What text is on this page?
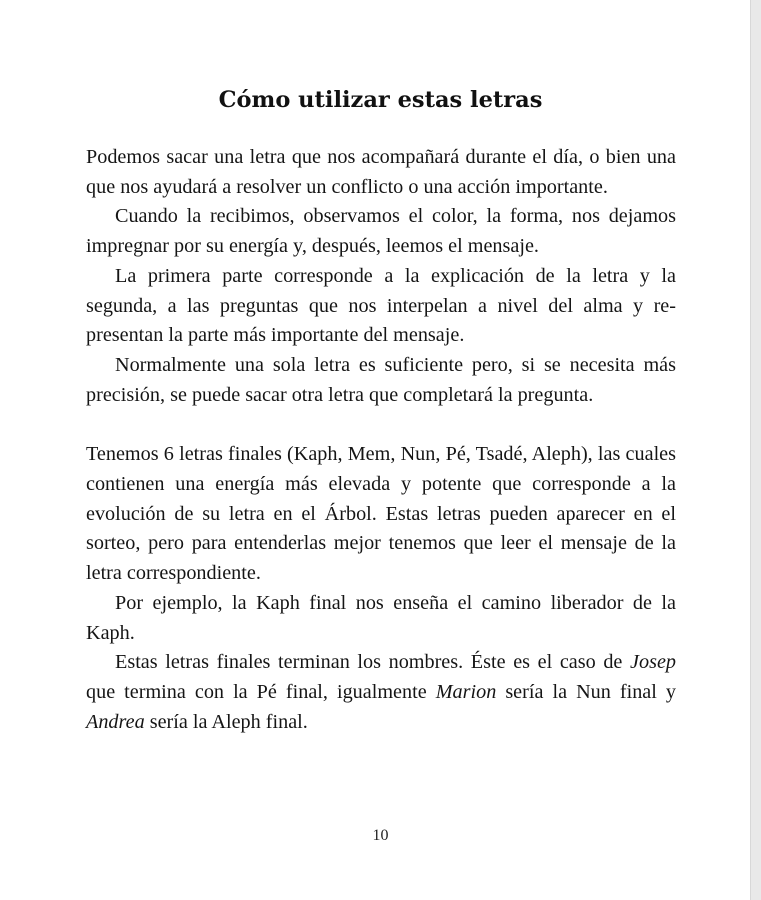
Cómo utilizar estas letras

Podemos sacar una letra que nos acompañará durante el día, o bien una que nos ayudará a resolver un conflicto o una acción importante.

Cuando la recibimos, observamos el color, la forma, nos dejamos impregnar por su energía y, después, leemos el mensaje.

La primera parte corresponde a la explicación de la letra y la segunda, a las preguntas que nos interpelan a nivel del alma y representan la parte más importante del mensaje.

Normalmente una sola letra es suficiente pero, si se necesita más precisión, se puede sacar otra letra que completará la pregunta.

Tenemos 6 letras finales (Kaph, Mem, Nun, Pé, Tsadé, Aleph), las cuales contienen una energía más elevada y potente que corresponde a la evolución de su letra en el Árbol. Estas letras pueden aparecer en el sorteo, pero para entenderlas mejor tenemos que leer el mensaje de la letra correspondiente.

Por ejemplo, la Kaph final nos enseña el camino liberador de la Kaph.

Estas letras finales terminan los nombres. Éste es el caso de Josep que termina con la Pé final, igualmente Marion sería la Nun final y Andrea sería la Aleph final.

10
